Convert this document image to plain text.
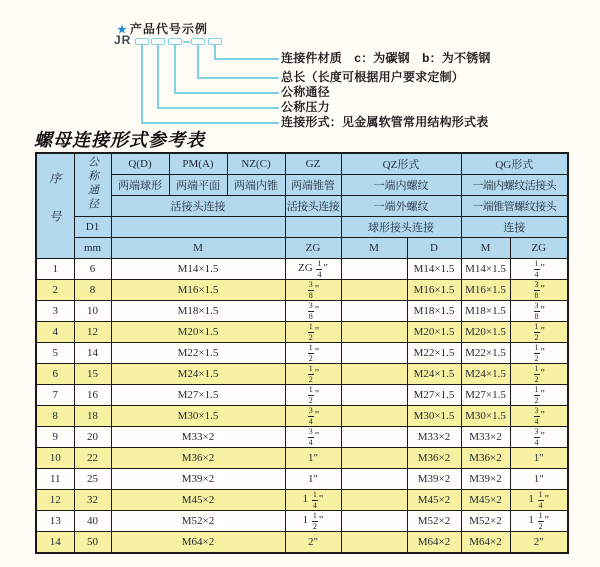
★ 产品代号示例
JR
连接件材质　c：为碳钢　b：为不锈钢
总长（长度可根据用户要求定制）
公称通径
公称压力
连接形式：见金属软管常用结构形式表
螺母连接形式参考表
序号	公称通径	Q(D)	PM(A)	NZ(C)	GZ	QZ形式		QG形式	
		两端球形	两端平面	两端内锥	两端锥管	一端内螺纹		一端内螺纹活接头	
		活接头连接			活接头连接	一端外螺纹		一端锥管螺纹接头	
	D1					球形接头连接		连接	
	mm	M			ZG	M	D	M	ZG
1	6	M14×1.5			ZG $\frac{1}{4}$ "		M14×1.5	M14×1.5	$\frac{1}{4}$ "
2	8	M16×1.5			$\frac{3}{8}$ "		M16×1.5	M16×1.5	$\frac{3}{8}$ "
3	10	M18×1.5			$\frac{3}{8}$ "		M18×1.5	M18×1.5	$\frac{3}{8}$ "
4	12	M20×1.5			$\frac{1}{2}$ "		M20×1.5	M20×1.5	$\frac{1}{2}$ "
5	14	M22×1.5			$\frac{1}{2}$ "		M22×1.5	M22×1.5	$\frac{1}{2}$ "
6	15	M24×1.5			$\frac{1}{2}$ "		M24×1.5	M24×1.5	$\frac{1}{2}$ "
7	16	M27×1.5			$\frac{1}{2}$ "		M27×1.5	M27×1.5	$\frac{1}{2}$ "
8	18	M30×1.5			$\frac{3}{4}$ "		M30×1.5	M30×1.5	$\frac{3}{4}$ "
9	20	M33×2			$\frac{3}{4}$ "		M33×2	M33×2	$\frac{3}{4}$ "
10	22	M36×2			1"		M36×2	M36×2	1"
11	25	M39×2			1"		M39×2	M39×2	1"
12	32	M45×2			$1 \frac{1}{4}$ "		M45×2	M45×2	$1 \frac{1}{4}$ "
13	40	M52×2			$1 \frac{1}{2}$ "		M52×2	M52×2	$1 \frac{1}{2}$ "
14	50	M64×2			2"		M64×2	M64×2	2"
